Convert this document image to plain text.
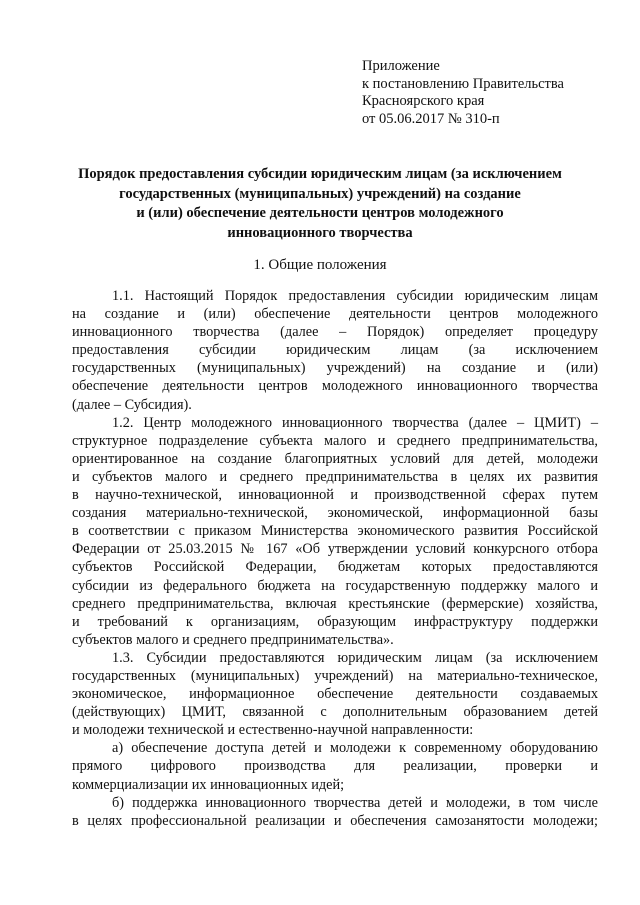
Приложение
к постановлению Правительства
Красноярского края
от 05.06.2017 № 310-п
Порядок предоставления субсидии юридическим лицам (за исключением
государственных (муниципальных) учреждений) на создание
и (или) обеспечение деятельности центров молодежного
инновационного творчества
1. Общие положения
1.1. Настоящий Порядок предоставления субсидии юридическим лицам
на создание и (или) обеспечение деятельности центров молодежного
инновационного творчества (далее – Порядок) определяет процедуру
предоставления субсидии юридическим лицам (за исключением
государственных (муниципальных) учреждений) на создание и (или)
обеспечение деятельности центров молодежного инновационного творчества
(далее – Субсидия).
1.2. Центр молодежного инновационного творчества (далее – ЦМИТ) –
структурное подразделение субъекта малого и среднего предпринимательства,
ориентированное на создание благоприятных условий для детей, молодежи
и субъектов малого и среднего предпринимательства в целях их развития
в научно-технической, инновационной и производственной сферах путем
создания материально-технической, экономической, информационной базы
в соответствии с приказом Министерства экономического развития Российской
Федерации от 25.03.2015 № 167 «Об утверждении условий конкурсного отбора
субъектов Российской Федерации, бюджетам которых предоставляются
субсидии из федерального бюджета на государственную поддержку малого и
среднего предпринимательства, включая крестьянские (фермерские) хозяйства,
и требований к организациям, образующим инфраструктуру поддержки
субъектов малого и среднего предпринимательства».
1.3. Субсидии предоставляются юридическим лицам (за исключением
государственных (муниципальных) учреждений) на материально-техническое,
экономическое, информационное обеспечение деятельности создаваемых
(действующих) ЦМИТ, связанной с дополнительным образованием детей
и молодежи технической и естественно-научной направленности:
а) обеспечение доступа детей и молодежи к современному оборудованию
прямого цифрового производства для реализации, проверки и
коммерциализации их инновационных идей;
б) поддержка инновационного творчества детей и молодежи, в том числе
в целях профессиональной реализации и обеспечения самозанятости молодежи;
